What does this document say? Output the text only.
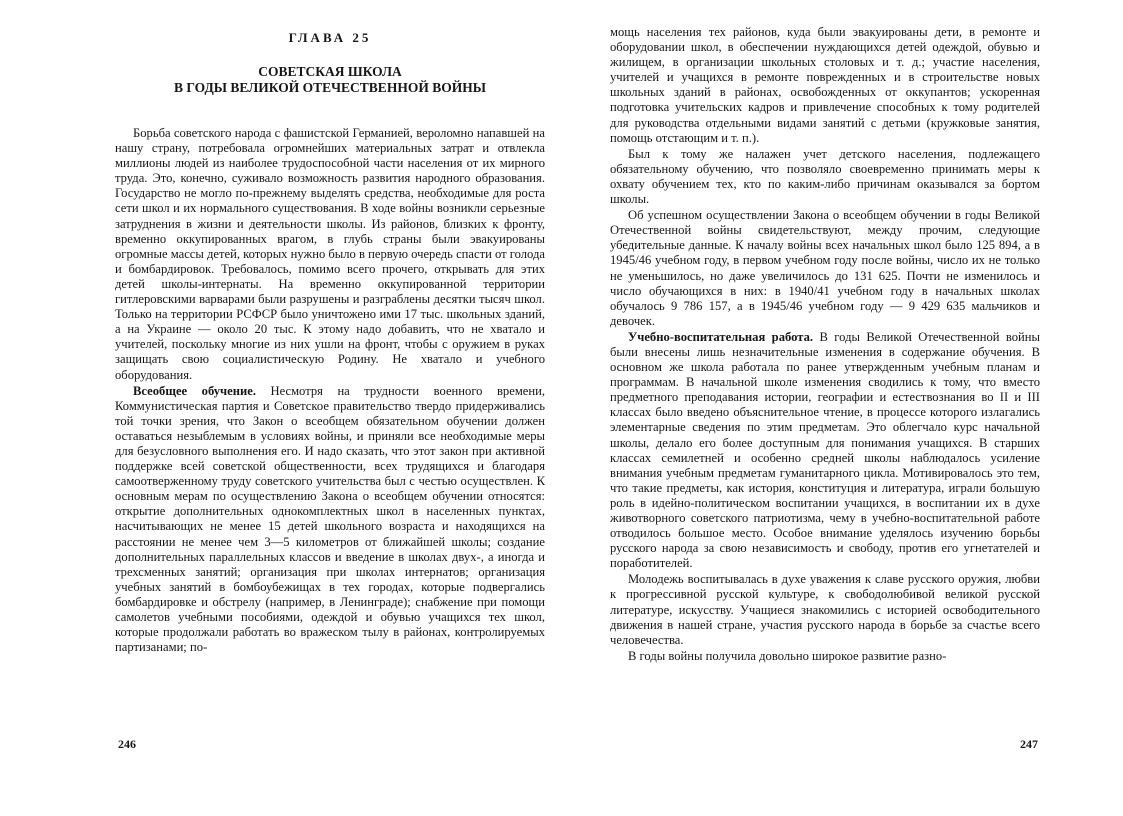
ГЛАВА 25
СОВЕТСКАЯ ШКОЛА
В ГОДЫ ВЕЛИКОЙ ОТЕЧЕСТВЕННОЙ ВОЙНЫ

Борьба советского народа с фашистской Германией, вероломно напавшей на нашу страну, потребовала огромнейших материальных затрат и отвлекла миллионы людей из наиболее трудоспособной части населения от их мирного труда. Это, конечно, суживало возможность развития народного образования. Государство не могло по-прежнему выделять средства, необходимые для роста сети школ и их нормального существования. В ходе войны возникли серьезные затруднения в жизни и деятельности школы. Из районов, близких к фронту, временно оккупированных врагом, в глубь страны были эвакуированы огромные массы детей, которых нужно было в первую очередь спасти от голода и бомбардировок. Требовалось, помимо всего прочего, открывать для этих детей школы-интернаты. На временно оккупированной территории гитлеровскими варварами были разрушены и разграблены десятки тысяч школ. Только на территории РСФСР было уничтожено ими 17 тыс. школьных зданий, а на Украине — около 20 тыс. К этому надо добавить, что не хватало и учителей, поскольку многие из них ушли на фронт, чтобы с оружием в руках защищать свою социалистическую Родину. Не хватало и учебного оборудования.

Всеобщее обучение. Несмотря на трудности военного времени, Коммунистическая партия и Советское правительство твердо придерживались той точки зрения, что Закон о всеобщем обязательном обучении должен оставаться незыблемым в условиях войны, и приняли все необходимые меры для безусловного выполнения его. И надо сказать, что этот закон при активной поддержке всей советской общественности, всех трудящихся и благодаря самоотверженному труду советского учительства был с честью осуществлен. К основным мерам по осуществлению Закона о всеобщем обучении относятся: открытие дополнительных однокомплектных школ в населенных пунктах, насчитывающих не менее 15 детей школьного возраста и находящихся на расстоянии не менее чем 3—5 километров от ближайшей школы; создание дополнительных параллельных классов и введение в школах двух-, а иногда и трехсменных занятий; организация при школах интернатов; организация учебных занятий в бомбоубежищах в тех городах, которые подвергались бомбардировке и обстрелу (например, в Ленинграде); снабжение при помощи самолетов учебными пособиями, одеждой и обувью учащихся тех школ, которые продолжали работать во вражеском тылу в районах, контролируемых партизанами; по-

246

мощь населения тех районов, куда были эвакуированы дети, в ремонте и оборудовании школ, в обеспечении нуждающихся детей одеждой, обувью и жилищем, в организации школьных столовых и т. д.; участие населения, учителей и учащихся в ремонте поврежденных и в строительстве новых школьных зданий в районах, освобожденных от оккупантов; ускоренная подготовка учительских кадров и привлечение способных к тому родителей для руководства отдельными видами занятий с детьми (кружковые занятия, помощь отстающим и т. п.).

Был к тому же налажен учет детского населения, подлежащего обязательному обучению, что позволяло своевременно принимать меры к охвату обучением тех, кто по каким-либо причинам оказывался за бортом школы.

Об успешном осуществлении Закона о всеобщем обучении в годы Великой Отечественной войны свидетельствуют, между прочим, следующие убедительные данные. К началу войны всех начальных школ было 125 894, а в 1945/46 учебном году, в первом учебном году после войны, число их не только не уменьшилось, но даже увеличилось до 131 625. Почти не изменилось и число обучающихся в них: в 1940/41 учебном году в начальных школах обучалось 9 786 157, а в 1945/46 учебном году — 9 429 635 мальчиков и девочек.

Учебно-воспитательная работа. В годы Великой Отечественной войны были внесены лишь незначительные изменения в содержание обучения. В основном же школа работала по ранее утвержденным учебным планам и программам. В начальной школе изменения сводились к тому, что вместо предметного преподавания истории, географии и естествознания во II и III классах было введено объяснительное чтение, в процессе которого излагались элементарные сведения по этим предметам. Это облегчало курс начальной школы, делало его более доступным для понимания учащихся. В старших классах семилетней и особенно средней школы наблюдалось усиление внимания учебным предметам гуманитарного цикла. Мотивировалось это тем, что такие предметы, как история, конституция и литература, играли большую роль в идейно-политическом воспитании учащихся, в воспитании их в духе животворного советского патриотизма, чему в учебно-воспитательной работе отводилось большое место. Особое внимание уделялось изучению борьбы русского народа за свою независимость и свободу, против его угнетателей и поработителей.

Молодежь воспитывалась в духе уважения к славе русского оружия, любви к прогрессивной русской культуре, к свободолюбивой великой русской литературе, искусству. Учащиеся знакомились с историей освободительного движения в нашей стране, участия русского народа в борьбе за счастье всего человечества.

В годы войны получила довольно широкое развитие разно-

247
